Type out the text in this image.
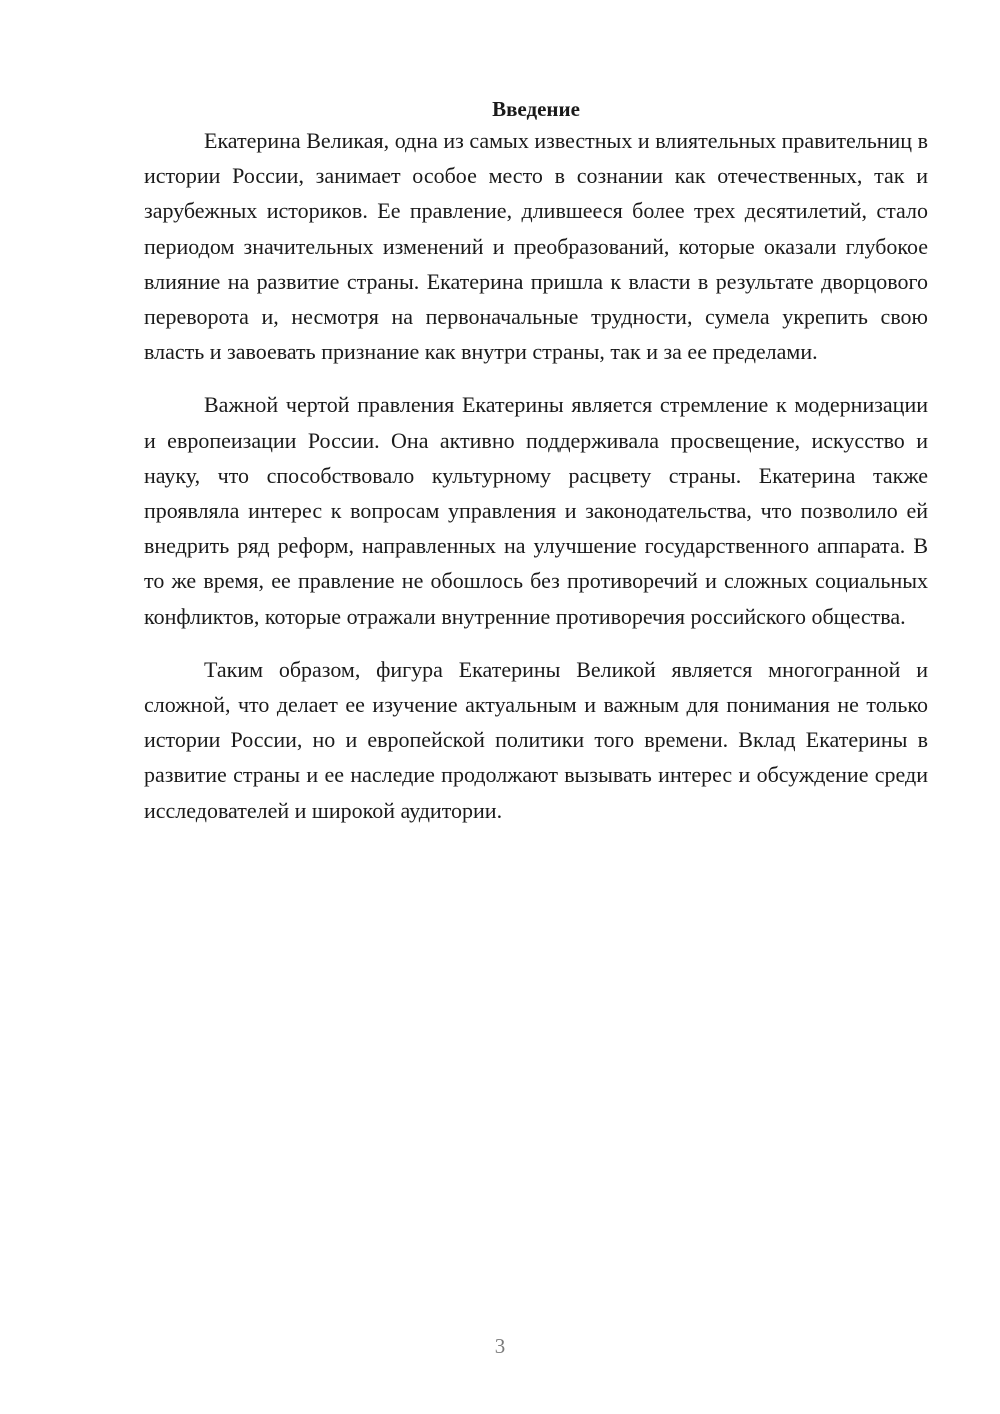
Введение

Екатерина Великая, одна из самых известных и влиятельных правительниц в истории России, занимает особое место в сознании как отечественных, так и зарубежных историков. Ее правление, длившееся более трех десятилетий, стало периодом значительных изменений и преобразований, которые оказали глубокое влияние на развитие страны. Екатерина пришла к власти в результате дворцового переворота и, несмотря на первоначальные трудности, сумела укрепить свою власть и завоевать признание как внутри страны, так и за ее пределами.

Важной чертой правления Екатерины является стремление к модернизации и европеизации России. Она активно поддерживала просвещение, искусство и науку, что способствовало культурному расцвету страны. Екатерина также проявляла интерес к вопросам управления и законодательства, что позволило ей внедрить ряд реформ, направленных на улучшение государственного аппарата. В то же время, ее правление не обошлось без противоречий и сложных социальных конфликтов, которые отражали внутренние противоречия российского общества.

Таким образом, фигура Екатерины Великой является многогранной и сложной, что делает ее изучение актуальным и важным для понимания не только истории России, но и европейской политики того времени. Вклад Екатерины в развитие страны и ее наследие продолжают вызывать интерес и обсуждение среди исследователей и широкой аудитории.

3
